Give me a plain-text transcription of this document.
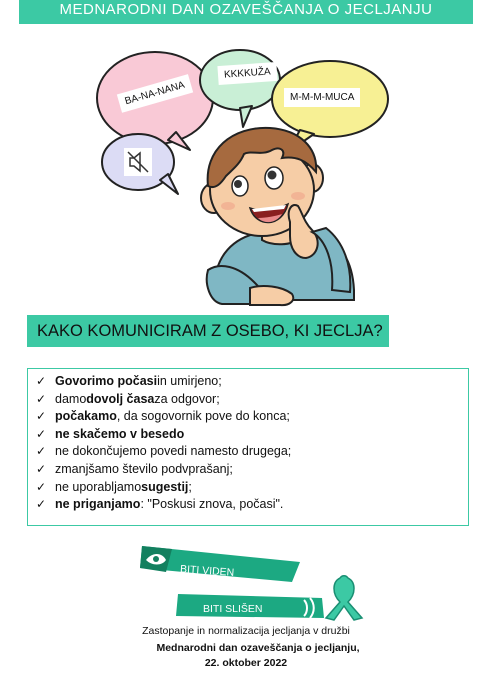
MEDNARODNI DAN OZAVEŠČANJA O JECLJANJU
BA-NA-NANA
KKKKUŽA
M-M-M-MUCA
KAKO KOMUNICIRAM Z OSEBO, KI JECLJA?
✓ Govorimo počasi in umirjeno;
✓ damo dovolj časa za odgovor;
✓ počakamo , da sogovornik pove do konca;
✓ ne skačemo v besedo
✓ ne dokončujemo povedi namesto drugega;
✓ zmanjšamo število podvprašanj;
✓ ne uporabljamo sugestij ;
✓ ne priganjamo : "Poskusi znova, počasi".
BITI VIDEN
BITI SLIŠEN
Zastopanje in normalizacija jecljanja v družbi
Mednarodni dan ozaveščanja o jecljanju,
22. oktober 2022
